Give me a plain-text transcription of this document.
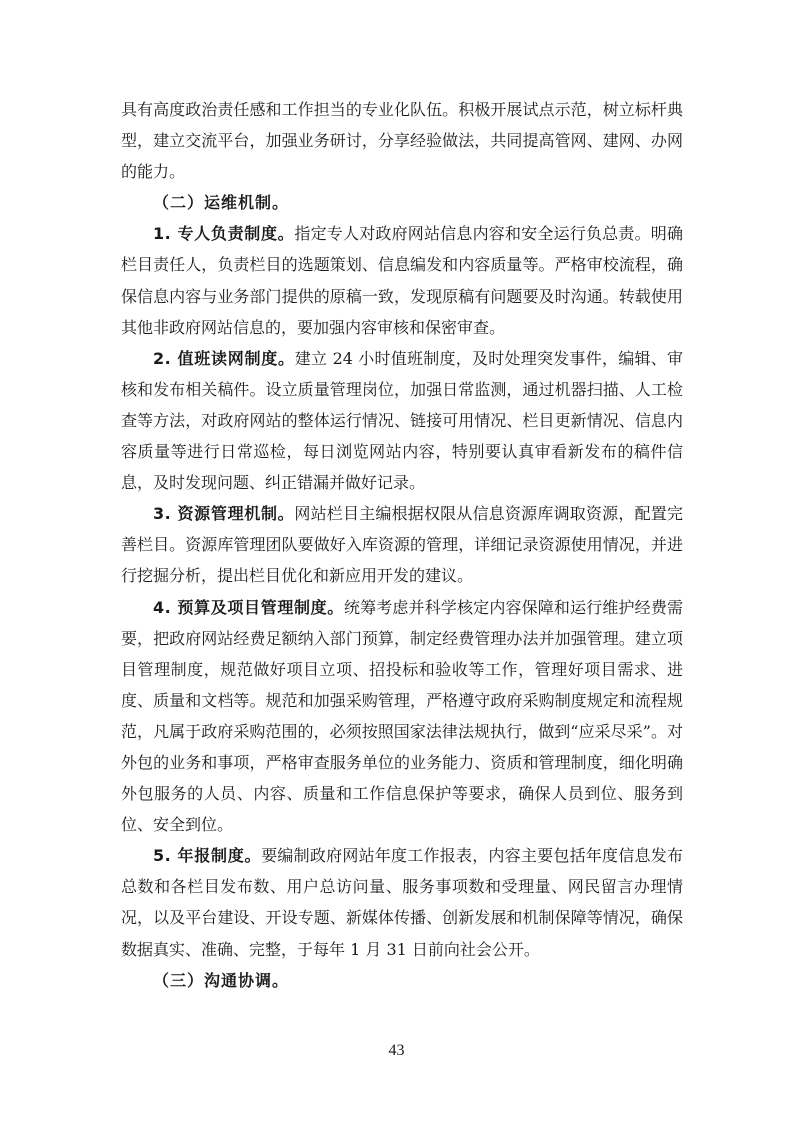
具有高度政治责任感和工作担当的专业化队伍。积极开展试点示范，树立标杆典型，建立交流平台，加强业务研讨，分享经验做法，共同提高管网、建网、办网的能力。

（二）运维机制。

1. 专人负责制度。指定专人对政府网站信息内容和安全运行负总责。明确栏目责任人，负责栏目的选题策划、信息编发和内容质量等。严格审校流程，确保信息内容与业务部门提供的原稿一致，发现原稿有问题要及时沟通。转载使用其他非政府网站信息的，要加强内容审核和保密审查。

2. 值班读网制度。建立 24 小时值班制度，及时处理突发事件，编辑、审核和发布相关稿件。设立质量管理岗位，加强日常监测，通过机器扫描、人工检查等方法，对政府网站的整体运行情况、链接可用情况、栏目更新情况、信息内容质量等进行日常巡检，每日浏览网站内容，特别要认真审看新发布的稿件信息，及时发现问题、纠正错漏并做好记录。

3. 资源管理机制。网站栏目主编根据权限从信息资源库调取资源，配置完善栏目。资源库管理团队要做好入库资源的管理，详细记录资源使用情况，并进行挖掘分析，提出栏目优化和新应用开发的建议。

4. 预算及项目管理制度。统筹考虑并科学核定内容保障和运行维护经费需要，把政府网站经费足额纳入部门预算，制定经费管理办法并加强管理。建立项目管理制度，规范做好项目立项、招投标和验收等工作，管理好项目需求、进度、质量和文档等。规范和加强采购管理，严格遵守政府采购制度规定和流程规范，凡属于政府采购范围的，必须按照国家法律法规执行，做到“应采尽采”。对外包的业务和事项，严格审查服务单位的业务能力、资质和管理制度，细化明确外包服务的人员、内容、质量和工作信息保护等要求，确保人员到位、服务到位、安全到位。

5. 年报制度。要编制政府网站年度工作报表，内容主要包括年度信息发布总数和各栏目发布数、用户总访问量、服务事项数和受理量、网民留言办理情况，以及平台建设、开设专题、新媒体传播、创新发展和机制保障等情况，确保数据真实、准确、完整，于每年 1 月 31 日前向社会公开。

（三）沟通协调。

43
